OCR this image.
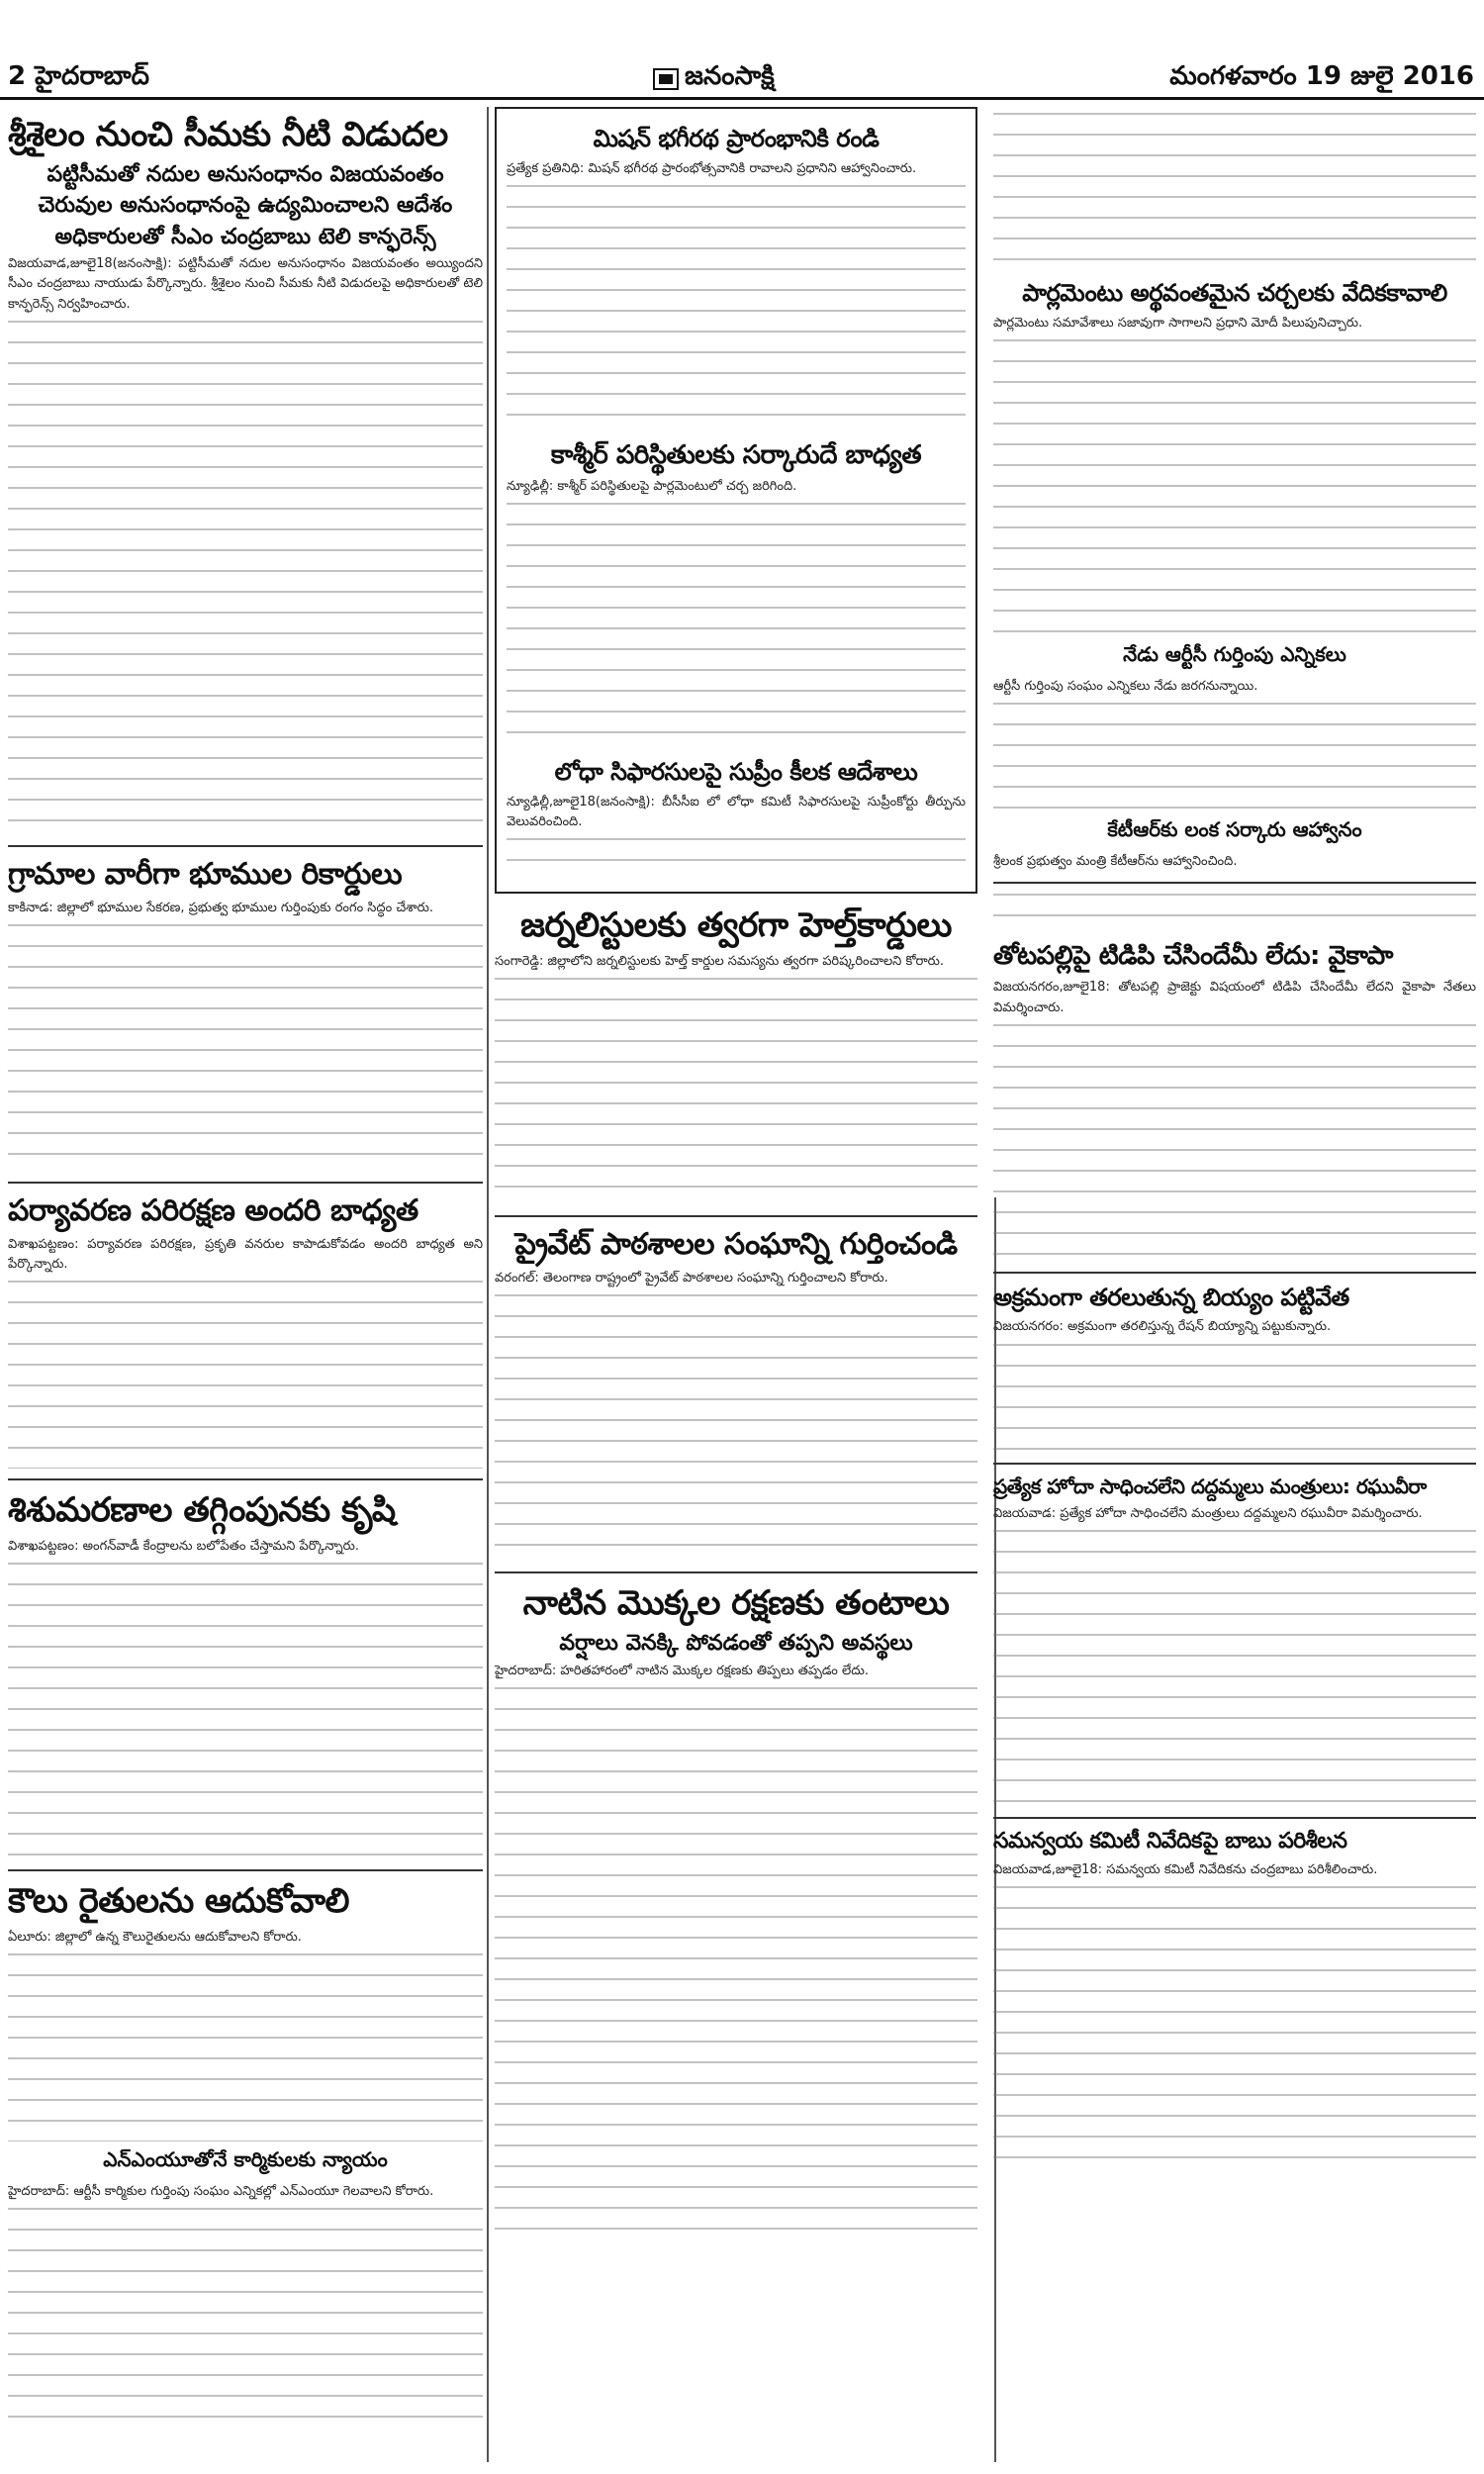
2 హైదరాబాద్	జనంసాక్షి	మంగళవారం 19 జులై 2016
శ్రీశైలం నుంచి సీమకు నీటి విడుదల
పట్టిసీమతో నదుల అనుసంధానం విజయవంతం
చెరువుల అనుసంధానంపై ఉద్యమించాలని ఆదేశం
అధికారులతో సీఎం చంద్రబాబు టెలి కాన్ఫరెన్స్

విజయవాడ,జూలై18(జనంసాక్షి): పట్టిసీమతో నదుల అనుసంధానం విజయవంతం అయ్యిందని సీఎం చంద్రబాబు నాయుడు పేర్కొన్నారు. శ్రీశైలం నుంచి సీమకు నీటి విడుదలపై అధికారులతో టెలి కాన్ఫరెన్స్ నిర్వహించారు.

గ్రామాల వారీగా భూముల రికార్డులు

కాకినాడ: జిల్లాలో భూముల సేకరణ, ప్రభుత్వ భూముల గుర్తింపుకు రంగం సిద్ధం చేశారు.

పర్యావరణ పరిరక్షణ అందరి బాధ్యత

విశాఖపట్టణం: పర్యావరణ పరిరక్షణ, ప్రకృతి వనరుల కాపాడుకోవడం అందరి బాధ్యత అని పేర్కొన్నారు.

శిశుమరణాల తగ్గింపునకు కృషి

విశాఖపట్టణం: అంగన్‌వాడీ కేంద్రాలను బలోపేతం చేస్తామని పేర్కొన్నారు.

కౌలు రైతులను ఆదుకోవాలి

ఏలూరు: జిల్లాలో ఉన్న కౌలురైతులను ఆదుకోవాలని కోరారు.

ఎన్‌ఎంయూతోనే కార్మికులకు న్యాయం

హైదరాబాద్: ఆర్టీసీ కార్మికుల గుర్తింపు సంఘం ఎన్నికల్లో ఎన్‌ఎంయూ గెలవాలని కోరారు.

మిషన్ భగీరథ ప్రారంభానికి రండి

ప్రత్యేక ప్రతినిధి: మిషన్ భగీరథ ప్రారంభోత్సవానికి రావాలని ప్రధానిని ఆహ్వానించారు.

కాశ్మీర్ పరిస్థితులకు సర్కారుదే బాధ్యత

న్యూఢిల్లీ: కాశ్మీర్ పరిస్థితులపై పార్లమెంటులో చర్చ జరిగింది.

లోధా సిఫారసులపై సుప్రీం కీలక ఆదేశాలు

న్యూఢిల్లీ,జూలై18(జనంసాక్షి): బీసీసీఐ లో లోధా కమిటీ సిఫారసులపై సుప్రీంకోర్టు తీర్పును వెలువరించింది.

జర్నలిస్టులకు త్వరగా హెల్త్‌కార్డులు

సంగారెడ్డి: జిల్లాలోని జర్నలిస్టులకు హెల్త్ కార్డుల సమస్యను త్వరగా పరిష్కరించాలని కోరారు.

ప్రైవేట్ పాఠశాలల సంఘాన్ని గుర్తించండి

వరంగల్: తెలంగాణ రాష్ట్రంలో ప్రైవేట్ పాఠశాలల సంఘాన్ని గుర్తించాలని కోరారు.

నాటిన మొక్కల రక్షణకు తంటాలు
వర్షాలు వెనక్కి పోవడంతో తప్పని అవస్థలు

హైదరాబాద్: హరితహారంలో నాటిన మొక్కల రక్షణకు తిప్పలు తప్పడం లేదు.

పార్లమెంటు అర్థవంతమైన చర్చలకు వేదికకావాలి

పార్లమెంటు సమావేశాలు సజావుగా సాగాలని ప్రధాని మోదీ పిలుపునిచ్చారు.

నేడు ఆర్టీసీ గుర్తింపు ఎన్నికలు

ఆర్టీసీ గుర్తింపు సంఘం ఎన్నికలు నేడు జరగనున్నాయి.

కేటీఆర్‌కు లంక సర్కారు ఆహ్వానం

శ్రీలంక ప్రభుత్వం మంత్రి కేటీఆర్‌ను ఆహ్వానించింది.

తోటపల్లిపై టిడిపి చేసిందేమీ లేదు: వైకాపా

విజయనగరం,జూలై18: తోటపల్లి ప్రాజెక్టు విషయంలో టిడిపి చేసిందేమీ లేదని వైకాపా నేతలు విమర్శించారు.

అక్రమంగా తరలుతున్న బియ్యం పట్టివేత

విజయనగరం: అక్రమంగా తరలిస్తున్న రేషన్ బియ్యాన్ని పట్టుకున్నారు.

ప్రత్యేక హోదా సాధించలేని దద్దమ్మలు మంత్రులు: రఘువీరా

విజయవాడ: ప్రత్యేక హోదా సాధించలేని మంత్రులు దద్దమ్మలని రఘువీరా విమర్శించారు.

సమన్వయ కమిటీ నివేదికపై బాబు పరిశీలన

విజయవాడ,జూలై18: సమన్వయ కమిటీ నివేదికను చంద్రబాబు పరిశీలించారు.
